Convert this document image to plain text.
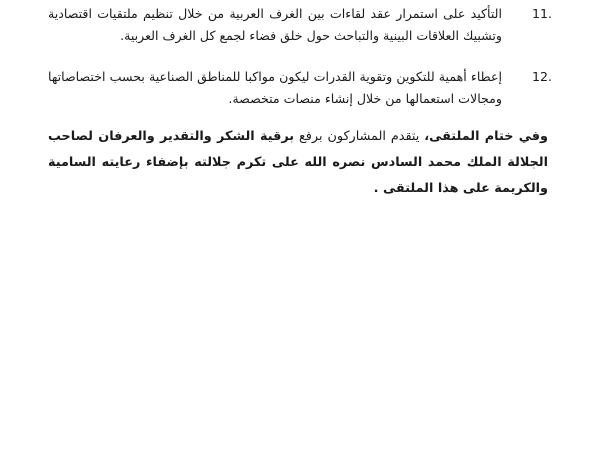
11.
التأكيد على استمرار عقد لقاءات بين الغرف العربية من خلال تنظيم ملتقيات اقتصادية وتشبيك العلاقات البينية والتباحث حول خلق فضاء لجمع كل الغرف العربية.
12.
إعطاء أهمية للتكوين وتقوية القدرات ليكون مواكبا للمناطق الصناعية بحسب اختصاصاتها ومجالات استعمالها من خلال إنشاء منصات متخصصة.
وفي ختام الملتقى، يتقدم المشاركون برفع برقية الشكر والتقدير والعرفان لصاحب الجلالة الملك محمد السادس نصره الله على تكرم جلالته بإضفاء رعايته السامية والكريمة على هذا الملتقى .
